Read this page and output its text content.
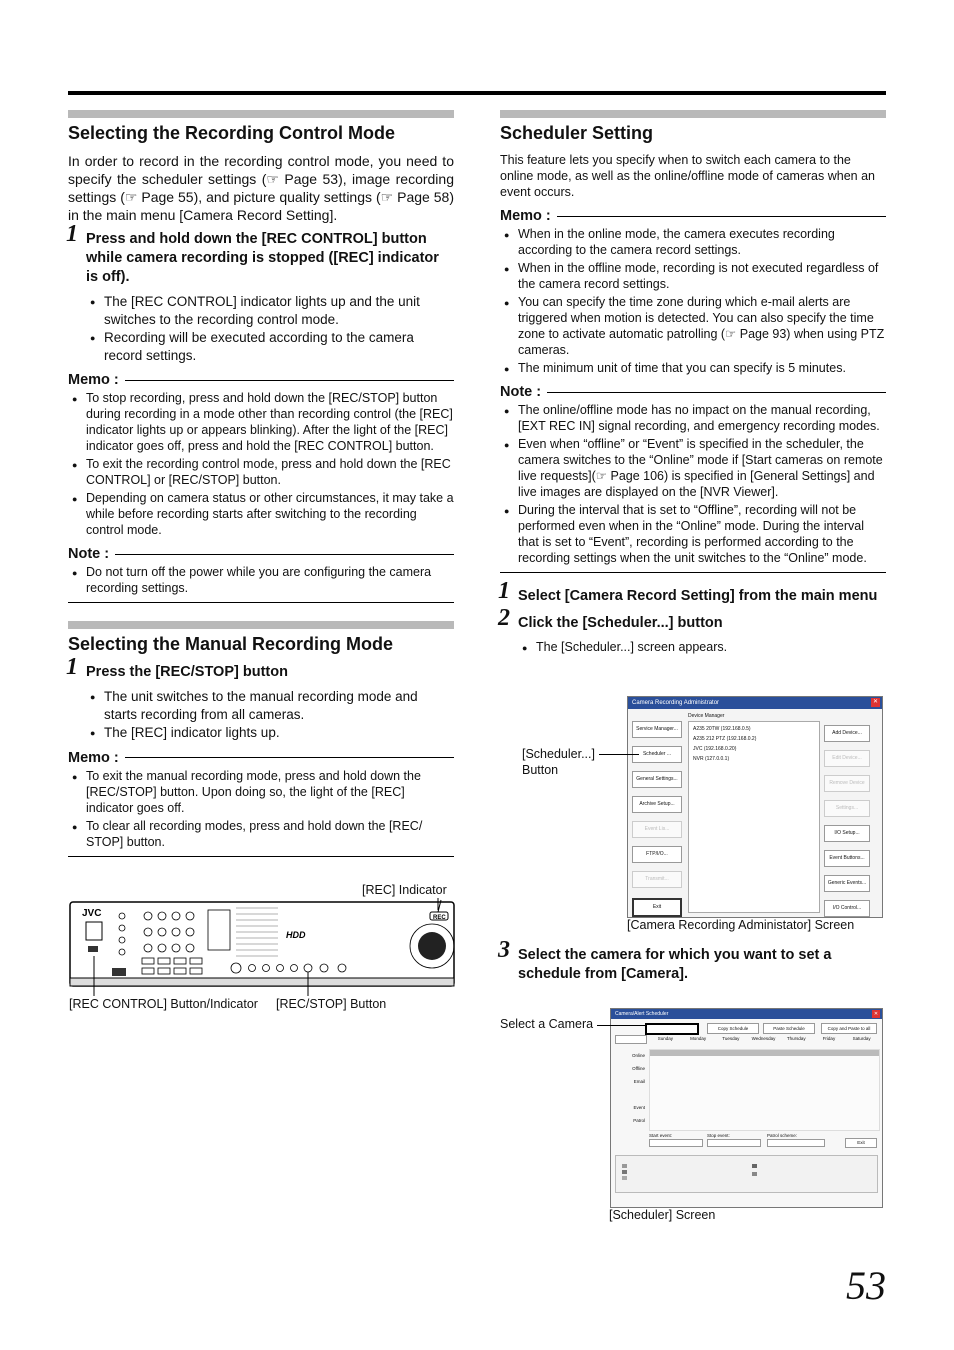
Selecting the Recording Control Mode

In order to record in the recording control mode, you need to specify the scheduler settings (☞ Page 53), image recording settings (☞ Page 55), and picture quality settings (☞ Page 58) in the main menu [Camera Record Setting].

1 Press and hold down the [REC CONTROL] button while camera recording is stopped ([REC] indicator is off).
● The [REC CONTROL] indicator lights up and the unit switches to the recording control mode.
● Recording will be executed according to the camera record settings.
Memo :
● To stop recording, press and hold down the [REC/STOP] button during recording in a mode other than recording control (the [REC] indicator lights up or appears blinking). After the light of the [REC] indicator goes off, press and hold the [REC CONTROL] button.
● To exit the recording control mode, press and hold down the [REC CONTROL] or [REC/STOP] button.
● Depending on camera status or other circumstances, it may take a while before recording starts after switching to the recording control mode.
Note :
● Do not turn off the power while you are configuring the camera recording settings.
Selecting the Manual Recording Mode
1 Press the [REC/STOP] button
● The unit switches to the manual recording mode and starts recording from all cameras.
● The [REC] indicator lights up.
Memo :
● To exit the manual recording mode, press and hold down the [REC/STOP] button. Upon doing so, the light of the [REC] indicator goes off.
● To clear all recording modes, press and hold down the [REC/ STOP] button.
[REC] Indicator
JVC
HDD
REC
[REC CONTROL] Button/Indicator [REC/STOP] Button
Scheduler Setting

This feature lets you specify when to switch each camera to the online mode, as well as the online/offline mode of cameras when an event occurs.

Memo :
● When in the online mode, the camera executes recording according to the camera record settings.
● When in the offline mode, recording is not executed regardless of the camera record settings.
● You can specify the time zone during which e-mail alerts are triggered when motion is detected. You can also specify the time zone to activate automatic patrolling (☞ Page 93) when using PTZ cameras.
● The minimum unit of time that you can specify is 5 minutes.
Note :
● The online/offline mode has no impact on the manual recording, [EXT REC IN] signal recording, and emergency recording modes.
● Even when “offline” or “Event” is specified in the scheduler, the camera switches to the “Online” mode if [Start cameras on remote live requests](☞ Page 106) is specified in [General Settings] and live images are displayed on the [NVR Viewer].
● During the interval that is set to “Offline”, recording will not be performed even when in the “Online” mode. During the interval that is set to “Event”, recording is performed according to the recording settings when the unit switches to the “Online” mode.
1 Select [Camera Record Setting] from the main menu
2 Click the [Scheduler...] button
● The [Scheduler...] screen appears.
Camera Recording Administrator	✕
Service Manager...
Scheduler ...
General Settings...
Archive Setup...
Event Lis...
FTP/I/O...
Transmit...
Exit
Device Manager
A235 20TW (192.168.0.5)
A235 212 PTZ (192.168.0.2)
JVC (192.168.0.20)
NVR (127.0.0.1)
Add Device...
Edit Device...
Remove Device
Settings...
I/O Setup...
Event Buttons...
Generic Events...
I/O Control...
[Scheduler...] Button
[Camera Recording Administator] Screen
3 Select the camera for which you want to set a schedule from [Camera].
Camera/Alert Scheduler	✕
Copy Schedule	Paste Schedule	Copy and Paste to all
Sunday	Monday	Tuesday	Wednesday	Thursday	Friday	Saturday
Online
Offline
Email
Event
Patrol
Start event:	Stop event:	Patrol scheme:
Exit
Select a Camera
[Scheduler] Screen
53
